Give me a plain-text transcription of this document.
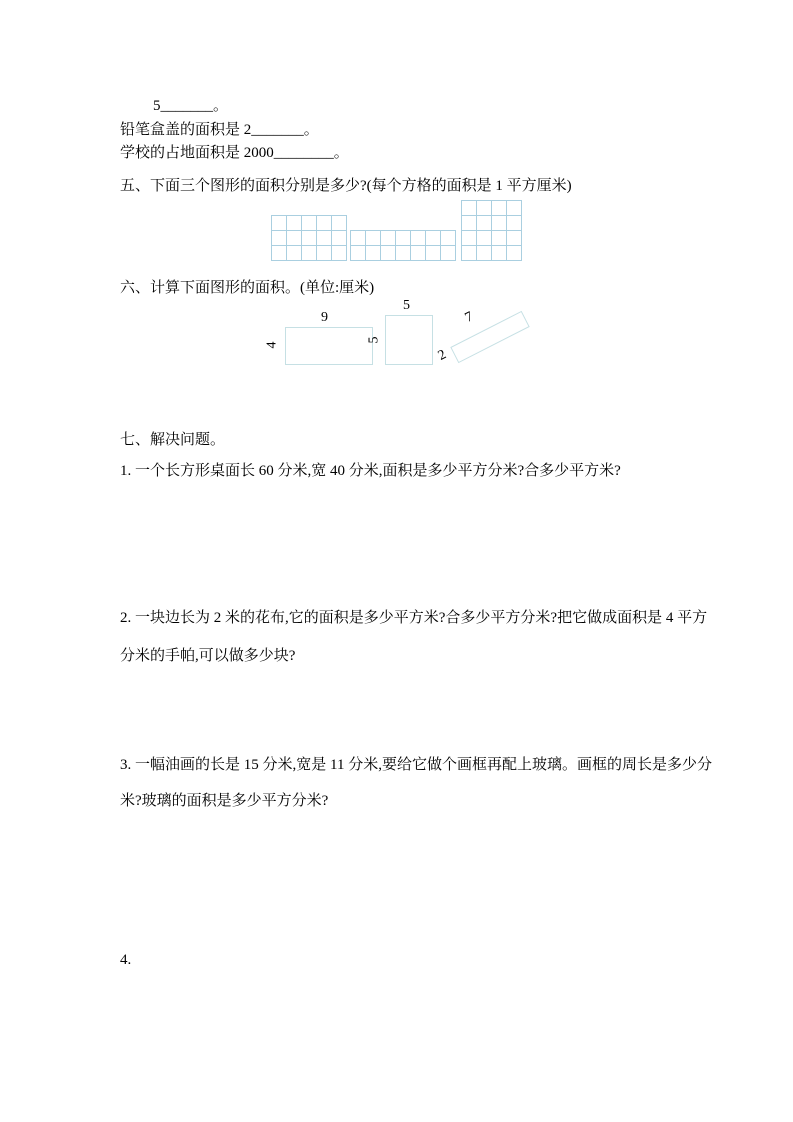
5_______。
铅笔盒盖的面积是 2_______。
学校的占地面积是 2000________。
五、下面三个图形的面积分别是多少?(每个方格的面积是 1 平方厘米)
六、计算下面图形的面积。(单位:厘米)
9
4
5
5
7
2
七、解决问题。
1. 一个长方形桌面长 60 分米,宽 40 分米,面积是多少平方分米?合多少平方米?
2. 一块边长为 2 米的花布,它的面积是多少平方米?合多少平方分米?把它做成面积是 4 平方
分米的手帕,可以做多少块?
3. 一幅油画的长是 15 分米,宽是 11 分米,要给它做个画框再配上玻璃。画框的周长是多少分
米?玻璃的面积是多少平方分米?
4.
